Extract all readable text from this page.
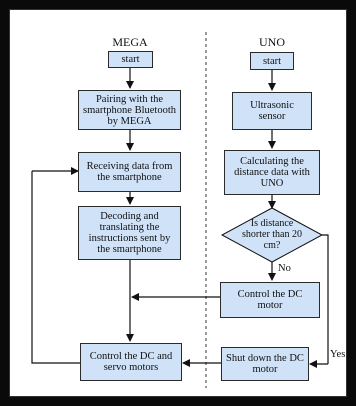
MEGA	UNO
start
Pairing with the smartphone Bluetooth by MEGA
Receiving data from the smartphone
Decoding and translating the instructions sent by the smartphone
Control the DC and servo motors
start
Ultrasonic sensor
Calculating the distance data with UNO
Is distance shorter than 20 cm?
No
Control the DC motor
Yes
Shut down the DC motor
